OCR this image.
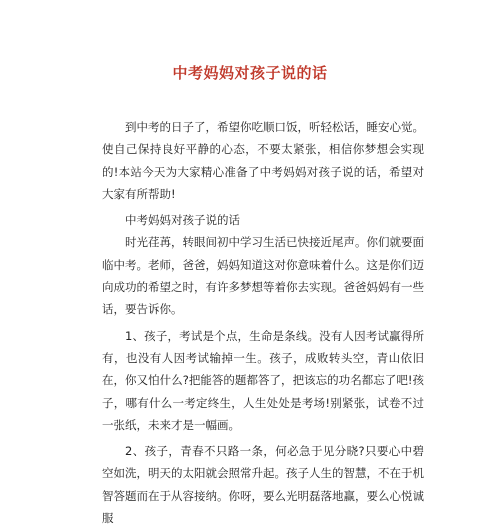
中考妈妈对孩子说的话

到中考的日子了，希望你吃顺口饭，听轻松话，睡安心觉。使自己保持良好平静的心态，不要太紧张，相信你梦想会实现的!本站今天为大家精心准备了中考妈妈对孩子说的话，希望对大家有所帮助!

中考妈妈对孩子说的话

时光荏苒，转眼间初中学习生活已快接近尾声。你们就要面临中考。老师，爸爸，妈妈知道这对你意味着什么。这是你们迈向成功的希望之时，有许多梦想等着你去实现。爸爸妈妈有一些话，要告诉你。

1、孩子，考试是个点，生命是条线。没有人因考试赢得所有，也没有人因考试输掉一生。孩子，成败转头空，青山依旧在，你又怕什么?把能答的题都答了，把该忘的功名都忘了吧!孩子，哪有什么一考定终生，人生处处是考场!别紧张，试卷不过一张纸，未来才是一幅画。

2、孩子，青春不只路一条，何必急于见分晓?只要心中碧空如洗，明天的太阳就会照常升起。孩子人生的智慧，不在于机智答题而在于从容接纳。你呀，要么光明磊落地赢，要么心悦诚服
